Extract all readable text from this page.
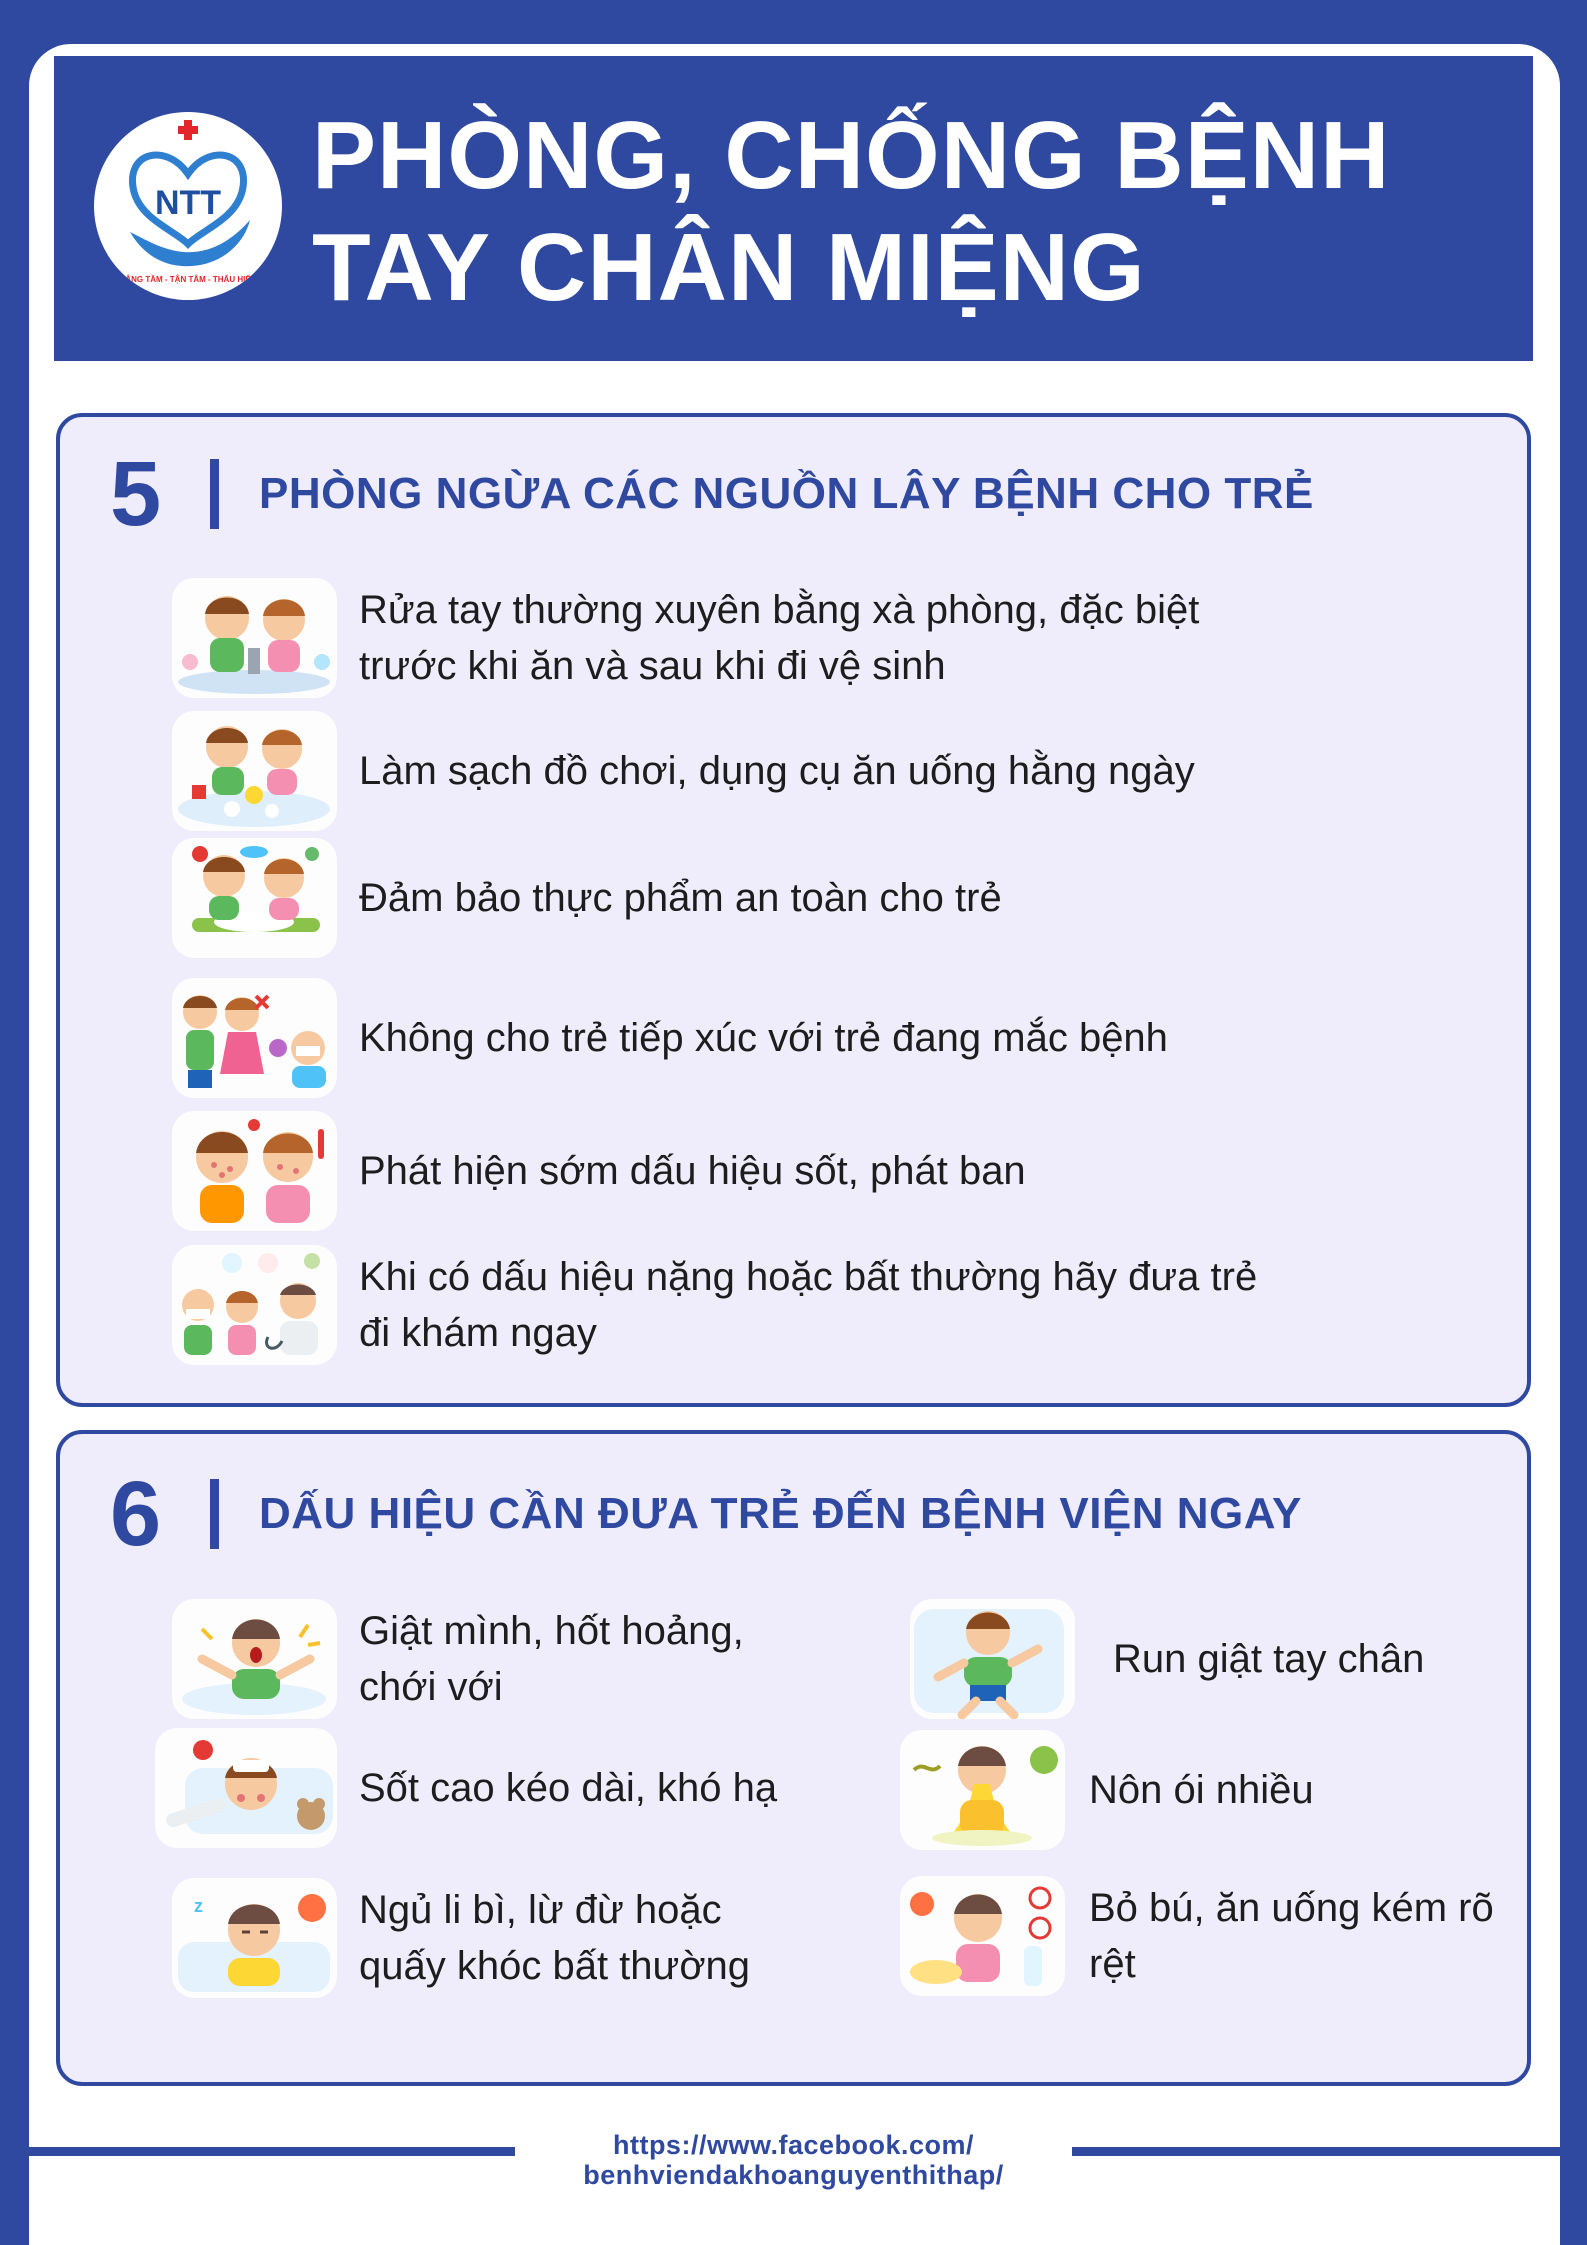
NTT
NÂNG TẦM - TẬN TÂM - THẤU HIỂU
PHÒNG, CHỐNG BỆNH
TAY CHÂN MIỆNG
5	PHÒNG NGỪA CÁC NGUỒN LÂY BỆNH CHO TRẺ
Rửa tay thường xuyên bằng xà phòng, đặc biệt trước khi ăn và sau khi đi vệ sinh
Làm sạch đồ chơi, dụng cụ ăn uống hằng ngày
Đảm bảo thực phẩm an toàn cho trẻ
Không cho trẻ tiếp xúc với trẻ đang mắc bệnh
Phát hiện sớm dấu hiệu sốt, phát ban
Khi có dấu hiệu nặng hoặc bất thường hãy đưa trẻ đi khám ngay
6	DẤU HIỆU CẦN ĐƯA TRẺ ĐẾN BỆNH VIỆN NGAY
Giật mình, hốt hoảng, chới với
Sốt cao kéo dài, khó hạ
z	Ngủ li bì, lừ đừ hoặc quấy khóc bất thường
Run giật tay chân
Nôn ói nhiều
Bỏ bú, ăn uống kém rõ rệt
https://www.facebook.com/
benhviendakhoanguyenthithap/
